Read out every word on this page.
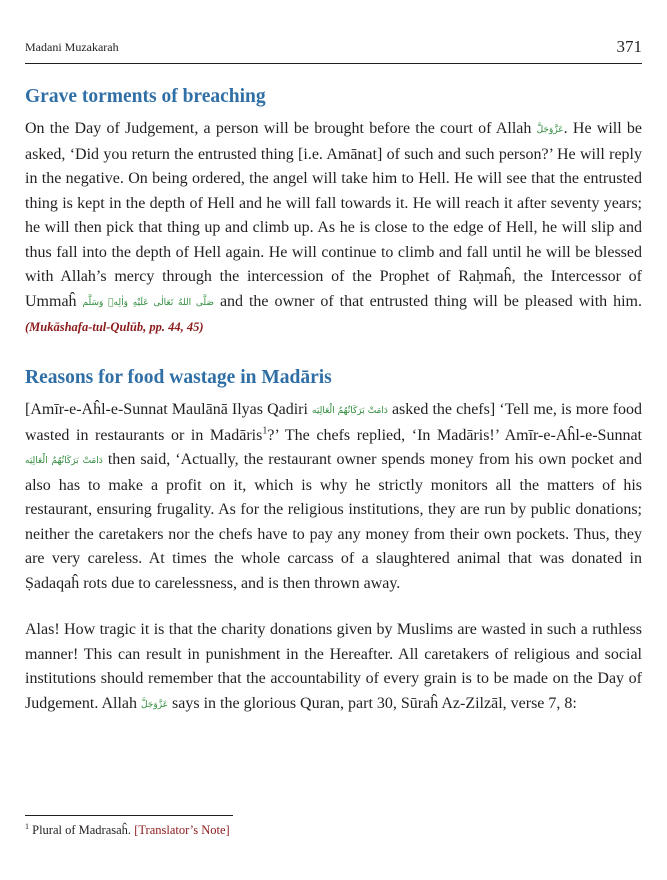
Madani Muzakarah	371
Grave torments of breaching

On the Day of Judgement, a person will be brought before the court of Allah عَزَّوَجَلَّ. He will be asked, ‘Did you return the entrusted thing [i.e. Amānat] of such and such person?’ He will reply in the negative. On being ordered, the angel will take him to Hell. He will see that the entrusted thing is kept in the depth of Hell and he will fall towards it. He will reach it after seventy years; he will then pick that thing up and climb up. As he is close to the edge of Hell, he will slip and thus fall into the depth of Hell again. He will continue to climb and fall until he will be blessed with Allah’s mercy through the intercession of the Prophet of Raḥmaĥ, the Intercessor of Ummaĥ صَلَّى اللهُ تَعَالٰی عَلَيْهِ وَاٰلِهٖ وَسَلَّم and the owner of that entrusted thing will be pleased with him. (Mukāshafa-tul-Qulūb, pp. 44, 45)

Reasons for food wastage in Madāris

[Amīr-e-Aĥl-e-Sunnat Maulānā Ilyas Qadiri دَامَتْ بَرَكَاتُهُمُ الْعَالِيَه asked the chefs] ‘Tell me, is more food wasted in restaurants or in Madāris$^1$?’ The chefs replied, ‘In Madāris!’ Amīr-e-Aĥl-e-Sunnat دَامَتْ بَرَكَاتُهُمُ الْعَالِيَه then said, ‘Actually, the restaurant owner spends money from his own pocket and also has to make a profit on it, which is why he strictly monitors all the matters of his restaurant, ensuring frugality. As for the religious institutions, they are run by public donations; neither the caretakers nor the chefs have to pay any money from their own pockets. Thus, they are very careless. At times the whole carcass of a slaughtered animal that was donated in Ṣadaqaĥ rots due to carelessness, and is then thrown away.

Alas! How tragic it is that the charity donations given by Muslims are wasted in such a ruthless manner! This can result in punishment in the Hereafter. All caretakers of religious and social institutions should remember that the accountability of every grain is to be made on the Day of Judgement. Allah عَزَّوَجَلَّ says in the glorious Quran, part 30, Sūraĥ Az-Zilzāl, verse 7, 8:

$^1$ Plural of Madrasaĥ. [Translator’s Note]
